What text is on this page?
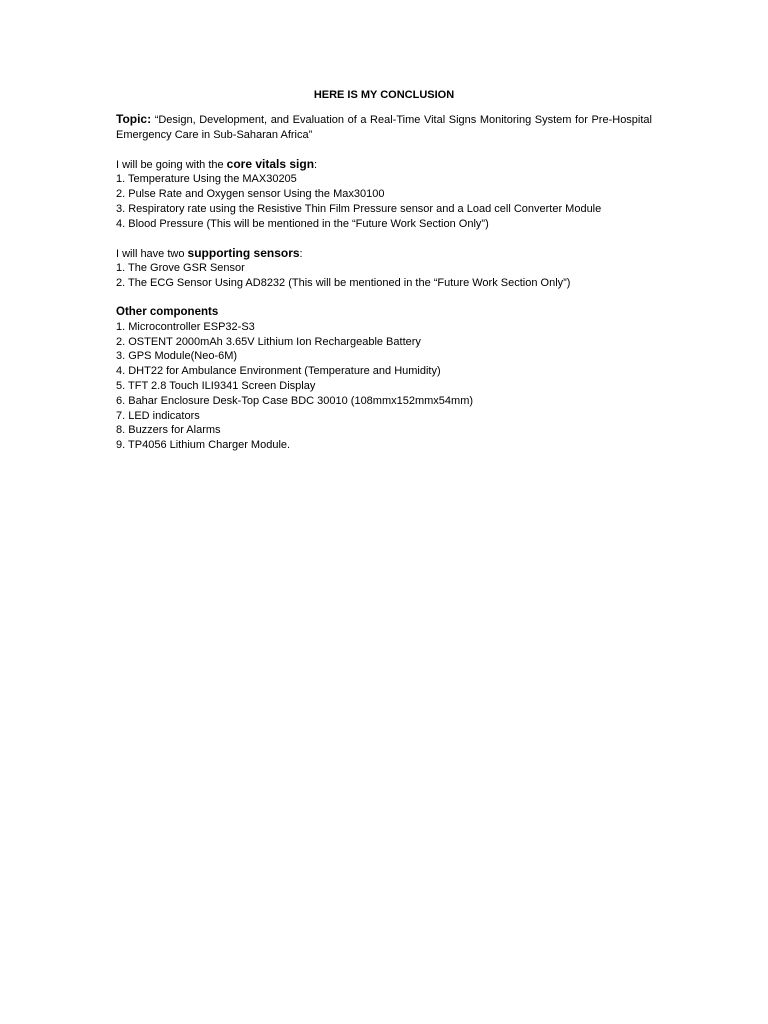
HERE IS MY CONCLUSION

Topic: “Design, Development, and Evaluation of a Real-Time Vital Signs Monitoring System for Pre-Hospital Emergency Care in Sub-Saharan Africa”

I will be going with the core vitals sign:

1. Temperature Using the MAX30205
2. Pulse Rate and Oxygen sensor Using the Max30100
3. Respiratory rate using the Resistive Thin Film Pressure sensor and a Load cell Converter Module
4. Blood Pressure (This will be mentioned in the “Future Work Section Only”)

I will have two supporting sensors:

1. The Grove GSR Sensor
2. The ECG Sensor Using AD8232 (This will be mentioned in the “Future Work Section Only”)

Other components

1. Microcontroller ESP32-S3
2. OSTENT 2000mAh 3.65V Lithium Ion Rechargeable Battery
3. GPS Module(Neo-6M)
4. DHT22 for Ambulance Environment (Temperature and Humidity)
5. TFT 2.8 Touch ILI9341 Screen Display
6. Bahar Enclosure Desk-Top Case BDC 30010 (108mmx152mmx54mm)
7. LED indicators
8. Buzzers for Alarms
9. TP4056 Lithium Charger Module.
